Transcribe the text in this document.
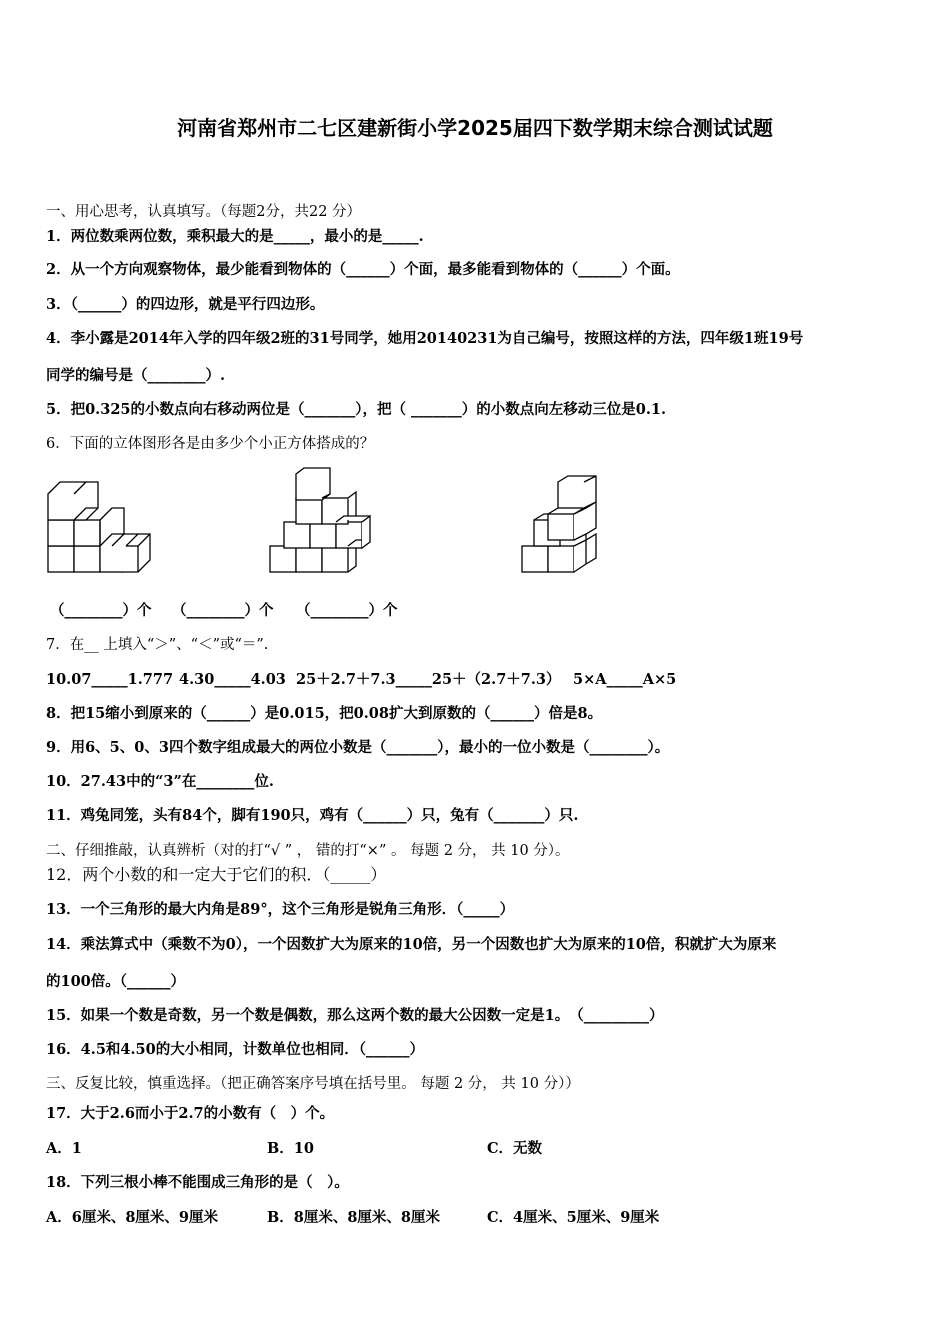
河南省郑州市二七区建新街小学2025届四下数学期末综合测试试题
一、用心思考，认真填写。（每题2分，共22 分）
1．两位数乘两位数，乘积最大的是_____，最小的是_____.
2．从一个方向观察物体，最少能看到物体的（______）个面，最多能看到物体的（______）个面。
3．（______）的四边形，就是平行四边形。
4．李小露是2014年入学的四年级2班的31号同学，她用20140231为自己编号，按照这样的方法，四年级1班19号
同学的编号是（________）.
5．把0.325的小数点向右移动两位是（_______），把（ _______）的小数点向左移动三位是0.1.
6．下面的立体图形各是由多少个小正方体搭成的？
（________）个 （________）个 （________）个
7．在__ 上填入“＞”、“＜”或“＝”.
10.07_____1.777 4.30_____4.03 25＋2.7＋7.3_____25＋（2.7＋7.3） 5×A_____A×5
8．把15缩小到原来的（______）是0.015，把0.08扩大到原数的（______）倍是8。
9．用6、5、0、3四个数字组成最大的两位小数是（_______），最小的一位小数是（________）。
10．27.43中的“3”在________位.
11．鸡兔同笼，头有84个，脚有190只，鸡有（______）只，兔有（_______）只.
二、仔细推敲，认真辨析（对的打“√ ” ， 错的打“×” 。 每题 2 分， 共 10 分）。
12．两个小数的和一定大于它们的积．（_____）
13．一个三角形的最大内角是89°，这个三角形是锐角三角形．（_____）
14．乘法算式中（乘数不为0），一个因数扩大为原来的10倍，另一个因数也扩大为原来的10倍，积就扩大为原来
的100倍。（______）
15．如果一个数是奇数，另一个数是偶数，那么这两个数的最大公因数一定是1。　（_________）
16．4.5和4.50的大小相同，计数单位也相同．（______）
三、反复比较，慎重选择。（把正确答案序号填在括号里。 每题 2 分， 共 10 分））
17．大于2.6而小于2.7的小数有（　）个。
A．1	B．10	C．无数
18．下列三根小棒不能围成三角形的是（　）。
A．6厘米、8厘米、9厘米	B．8厘米、8厘米、8厘米	C．4厘米、5厘米、9厘米
